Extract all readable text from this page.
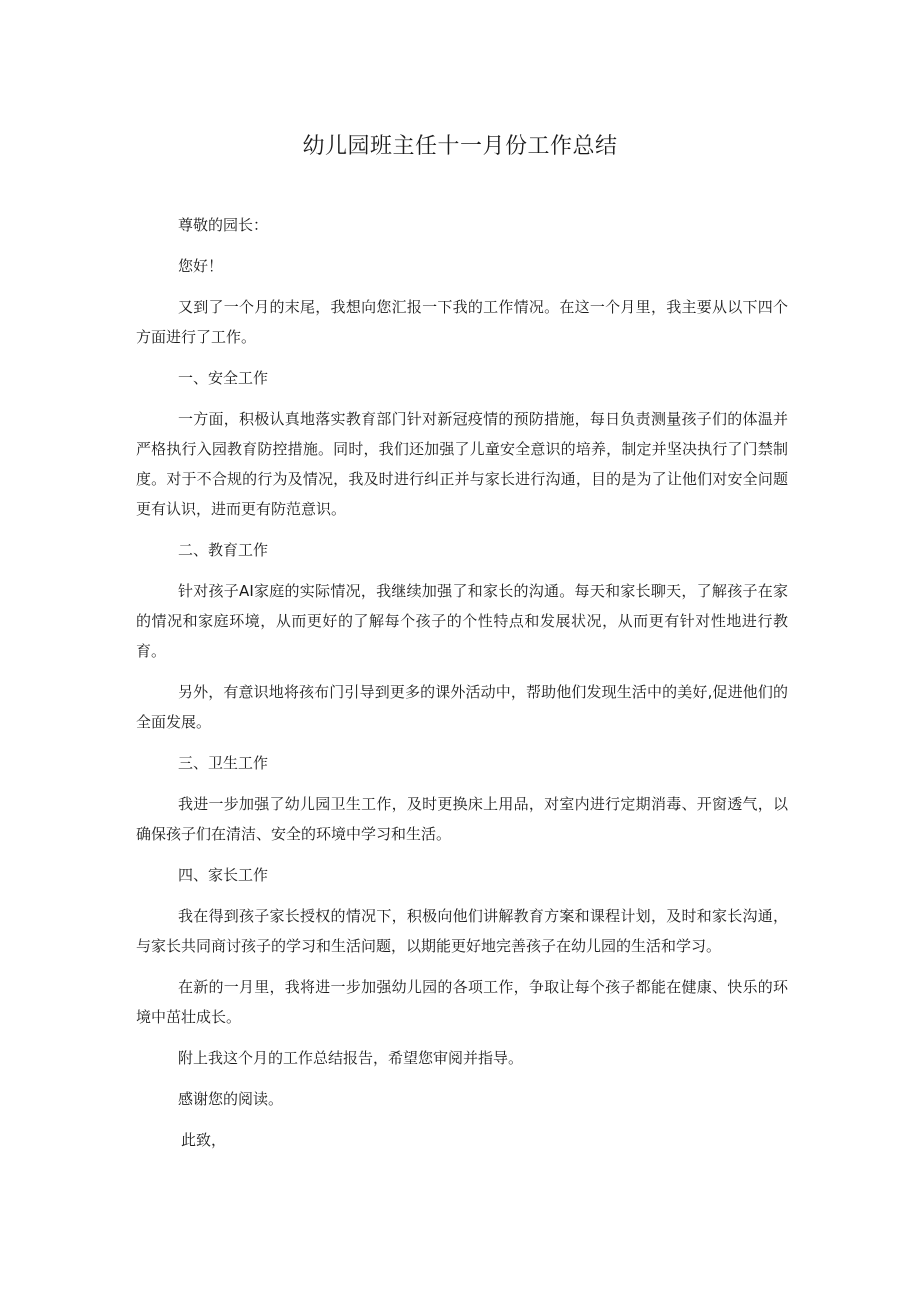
幼儿园班主任十一月份工作总结

尊敬的园长：

您好！

又到了一个月的末尾，我想向您汇报一下我的工作情况。在这一个月里，我主要从以下四个方面进行了工作。

一、安全工作

一方面，积极认真地落实教育部门针对新冠疫情的预防措施，每日负责测量孩子们的体温并严格执行入园教育防控措施。同时，我们还加强了儿童安全意识的培养，制定并坚决执行了门禁制度。对于不合规的行为及情况，我及时进行纠正并与家长进行沟通，目的是为了让他们对安全问题更有认识，进而更有防范意识。

二、教育工作

针对孩子AI家庭的实际情况，我继续加强了和家长的沟通。每天和家长聊天，了解孩子在家的情况和家庭环境，从而更好的了解每个孩子的个性特点和发展状况，从而更有针对性地进行教育。

另外，有意识地将孩布门引导到更多的课外活动中，帮助他们发现生活中的美好,促进他们的全面发展。

三、卫生工作

我进一步加强了幼儿园卫生工作，及时更换床上用品，对室内进行定期消毒、开窗透气，以确保孩子们在清洁、安全的环境中学习和生活。

四、家长工作

我在得到孩子家长授权的情况下，积极向他们讲解教育方案和课程计划，及时和家长沟通，与家长共同商讨孩子的学习和生活问题，以期能更好地完善孩子在幼儿园的生活和学习。

在新的一月里，我将进一步加强幼儿园的各项工作，争取让每个孩子都能在健康、快乐的环境中茁壮成长。

附上我这个月的工作总结报告，希望您审阅并指导。

感谢您的阅读。

此致，
